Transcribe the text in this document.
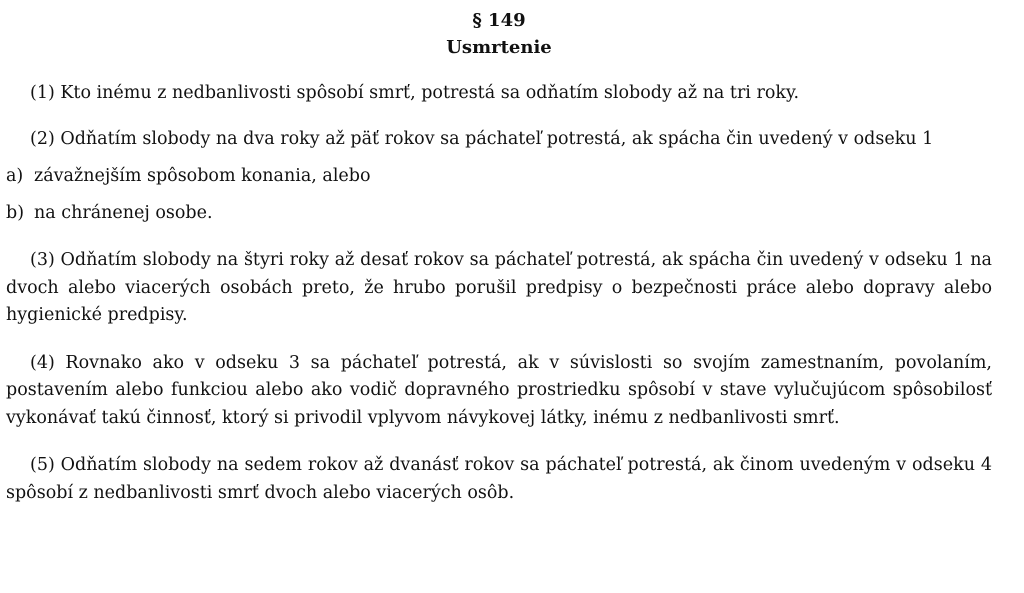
§ 149
Usmrtenie

(1) Kto inému z nedbanlivosti spôsobí smrť, potrestá sa odňatím slobody až na tri roky.

(2) Odňatím slobody na dva roky až päť rokov sa páchateľ potrestá, ak spácha čin uvedený v odseku 1

a) závažnejším spôsobom konania, alebo
b) na chránenej osobe.

(3) Odňatím slobody na štyri roky až desať rokov sa páchateľ potrestá, ak spácha čin uvedený v odseku 1 na dvoch alebo viacerých osobách preto, že hrubo porušil predpisy o bezpečnosti práce alebo dopravy alebo hygienické predpisy.

(4) Rovnako ako v odseku 3 sa páchateľ potrestá, ak v súvislosti so svojím zamestnaním, povolaním, postavením alebo funkciou alebo ako vodič dopravného prostriedku spôsobí v stave vylučujúcom spôsobilosť vykonávať takú činnosť, ktorý si privodil vplyvom návykovej látky, inému z nedbanlivosti smrť.

(5) Odňatím slobody na sedem rokov až dvanásť rokov sa páchateľ potrestá, ak činom uvedeným v odseku 4 spôsobí z nedbanlivosti smrť dvoch alebo viacerých osôb.
